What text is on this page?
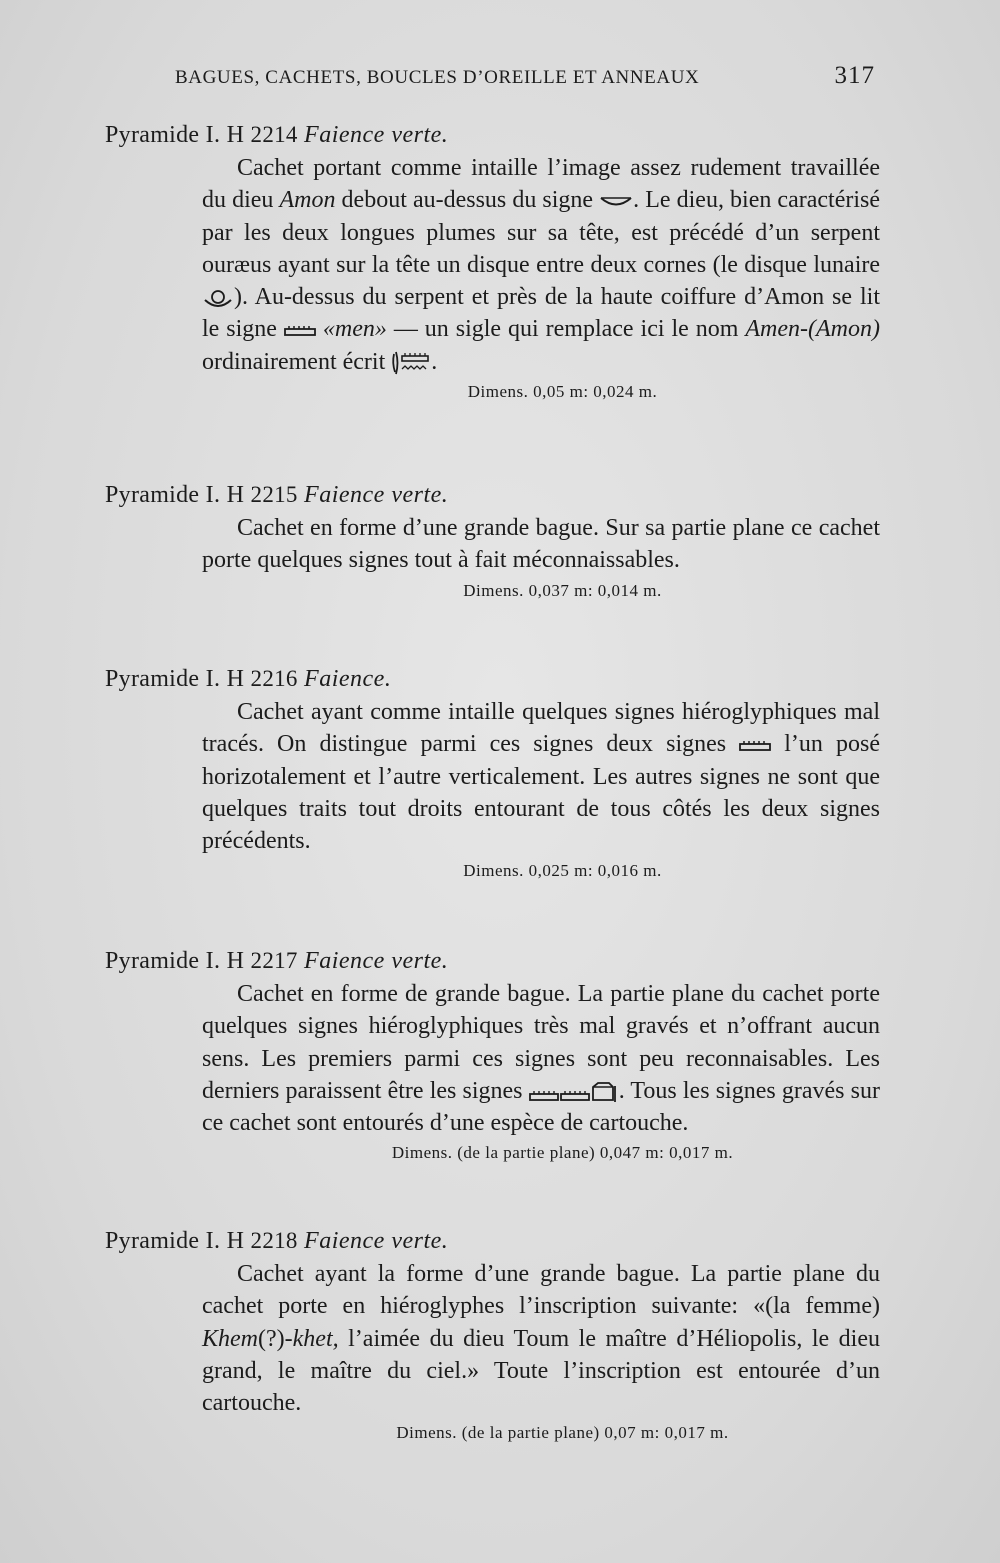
BAGUES, CACHETS, BOUCLES D’OREILLE ET ANNEAUX	317
Pyramide I. H 2214 Faience verte.
Cachet portant comme intaille l’image assez rudement travaillée du dieu Amon debout au-dessus du signe
. Le dieu, bien caractérisé par les deux longues plumes sur sa tête, est précédé d’un serpent ouræus ayant sur la tête un disque entre deux cornes (le disque lunaire
). Au-dessus du serpent et près de la haute coiffure d’Amon se lit le signe
«men» — un sigle qui remplace ici le nom Amen-(Amon) ordinairement écrit
.
Dimens. 0,05 m: 0,024 m.
Pyramide I. H 2215 Faience verte.
Cachet en forme d’une grande bague. Sur sa partie plane ce cachet porte quelques signes tout à fait méconnaissables.
Dimens. 0,037 m: 0,014 m.
Pyramide I. H 2216 Faience.
Cachet ayant comme intaille quelques signes hiéroglyphiques mal tracés. On distingue parmi ces signes deux signes
l’un posé horizotalement et l’autre verticalement. Les autres signes ne sont que quelques traits tout droits entourant de tous côtés les deux signes précédents.
Dimens. 0,025 m: 0,016 m.
Pyramide I. H 2217 Faience verte.
Cachet en forme de grande bague. La partie plane du cachet porte quelques signes hiéroglyphiques très mal gravés et n’offrant aucun sens. Les premiers parmi ces signes sont peu reconnaisables. Les derniers paraissent être les signes	. Tous les signes gravés sur ce cachet sont entourés d’une espèce de cartouche.
Dimens. (de la partie plane) 0,047 m: 0,017 m.
Pyramide I. H 2218 Faience verte.
Cachet ayant la forme d’une grande bague. La partie plane du cachet porte en hiéroglyphes l’inscription suivante: «(la femme) Khem(?)-khet, l’aimée du dieu Toum le maître d’Héliopolis, le dieu grand, le maître du ciel.» Toute l’inscription est entourée d’un cartouche.
Dimens. (de la partie plane) 0,07 m: 0,017 m.
